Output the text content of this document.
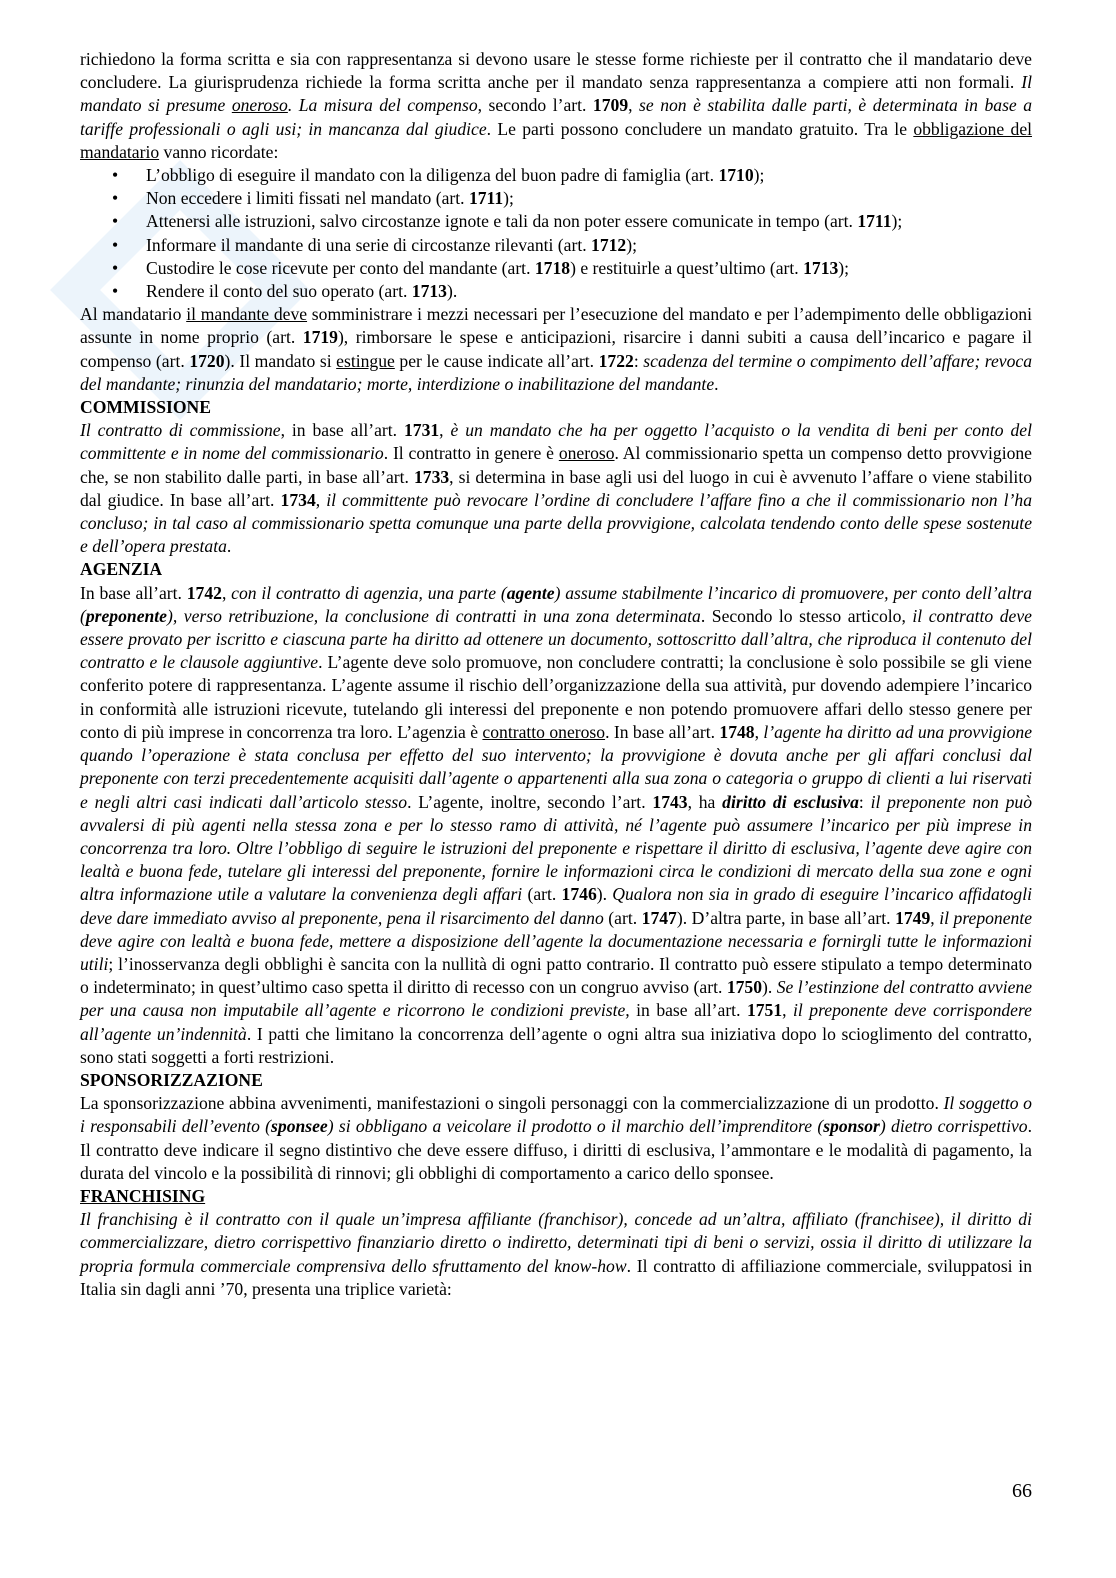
richiedono la forma scritta e sia con rappresentanza si devono usare le stesse forme richieste per il contratto che il mandatario deve concludere. La giurisprudenza richiede la forma scritta anche per il mandato senza rappresentanza a compiere atti non formali. Il mandato si presume oneroso. La misura del compenso, secondo l’art. 1709, se non è stabilita dalle parti, è determinata in base a tariffe professionali o agli usi; in mancanza dal giudice. Le parti possono concludere un mandato gratuito. Tra le obbligazione del mandatario vanno ricordate:

• L’obbligo di eseguire il mandato con la diligenza del buon padre di famiglia (art. 1710);
• Non eccedere i limiti fissati nel mandato (art. 1711);
• Attenersi alle istruzioni, salvo circostanze ignote e tali da non poter essere comunicate in tempo (art. 1711);
• Informare il mandante di una serie di circostanze rilevanti (art. 1712);
• Custodire le cose ricevute per conto del mandante (art. 1718) e restituirle a quest’ultimo (art. 1713);
• Rendere il conto del suo operato (art. 1713).

Al mandatario il mandante deve somministrare i mezzi necessari per l’esecuzione del mandato e per l’adempimento delle obbligazioni assunte in nome proprio (art. 1719), rimborsare le spese e anticipazioni, risarcire i danni subiti a causa dell’incarico e pagare il compenso (art. 1720). Il mandato si estingue per le cause indicate all’art. 1722: scadenza del termine o compimento dell’affare; revoca del mandante; rinunzia del mandatario; morte, interdizione o inabilitazione del mandante.

COMMISSIONE

Il contratto di commissione, in base all’art. 1731, è un mandato che ha per oggetto l’acquisto o la vendita di beni per conto del committente e in nome del commissionario. Il contratto in genere è oneroso. Al commissionario spetta un compenso detto provvigione che, se non stabilito dalle parti, in base all’art. 1733, si determina in base agli usi del luogo in cui è avvenuto l’affare o viene stabilito dal giudice. In base all’art. 1734, il committente può revocare l’ordine di concludere l’affare fino a che il commissionario non l’ha concluso; in tal caso al commissionario spetta comunque una parte della provvigione, calcolata tendendo conto delle spese sostenute e dell’opera prestata.

AGENZIA

In base all’art. 1742, con il contratto di agenzia, una parte (agente) assume stabilmente l’incarico di promuovere, per conto dell’altra (preponente), verso retribuzione, la conclusione di contratti in una zona determinata. Secondo lo stesso articolo, il contratto deve essere provato per iscritto e ciascuna parte ha diritto ad ottenere un documento, sottoscritto dall’altra, che riproduca il contenuto del contratto e le clausole aggiuntive. L’agente deve solo promuove, non concludere contratti; la conclusione è solo possibile se gli viene conferito potere di rappresentanza. L’agente assume il rischio dell’organizzazione della sua attività, pur dovendo adempiere l’incarico in conformità alle istruzioni ricevute, tutelando gli interessi del preponente e non potendo promuovere affari dello stesso genere per conto di più imprese in concorrenza tra loro. L’agenzia è contratto oneroso. In base all’art. 1748, l’agente ha diritto ad una provvigione quando l’operazione è stata conclusa per effetto del suo intervento; la provvigione è dovuta anche per gli affari conclusi dal preponente con terzi precedentemente acquisiti dall’agente o appartenenti alla sua zona o categoria o gruppo di clienti a lui riservati e negli altri casi indicati dall’articolo stesso. L’agente, inoltre, secondo l’art. 1743, ha diritto di esclusiva: il preponente non può avvalersi di più agenti nella stessa zona e per lo stesso ramo di attività, né l’agente può assumere l’incarico per più imprese in concorrenza tra loro. Oltre l’obbligo di seguire le istruzioni del preponente e rispettare il diritto di esclusiva, l’agente deve agire con lealtà e buona fede, tutelare gli interessi del preponente, fornire le informazioni circa le condizioni di mercato della sua zone e ogni altra informazione utile a valutare la convenienza degli affari (art. 1746). Qualora non sia in grado di eseguire l’incarico affidatogli deve dare immediato avviso al preponente, pena il risarcimento del danno (art. 1747). D’altra parte, in base all’art. 1749, il preponente deve agire con lealtà e buona fede, mettere a disposizione dell’agente la documentazione necessaria e fornirgli tutte le informazioni utili; l’inosservanza degli obblighi è sancita con la nullità di ogni patto contrario. Il contratto può essere stipulato a tempo determinato o indeterminato; in quest’ultimo caso spetta il diritto di recesso con un congruo avviso (art. 1750). Se l’estinzione del contratto avviene per una causa non imputabile all’agente e ricorrono le condizioni previste, in base all’art. 1751, il preponente deve corrispondere all’agente un’indennità. I patti che limitano la concorrenza dell’agente o ogni altra sua iniziativa dopo lo scioglimento del contratto, sono stati soggetti a forti restrizioni.

SPONSORIZZAZIONE

La sponsorizzazione abbina avvenimenti, manifestazioni o singoli personaggi con la commercializzazione di un prodotto. Il soggetto o i responsabili dell’evento (sponsee) si obbligano a veicolare il prodotto o il marchio dell’imprenditore (sponsor) dietro corrispettivo. Il contratto deve indicare il segno distintivo che deve essere diffuso, i diritti di esclusiva, l’ammontare e le modalità di pagamento, la durata del vincolo e la possibilità di rinnovi; gli obblighi di comportamento a carico dello sponsee.

FRANCHISING

Il franchising è il contratto con il quale un’impresa affiliante (franchisor), concede ad un’altra, affiliato (franchisee), il diritto di commercializzare, dietro corrispettivo finanziario diretto o indiretto, determinati tipi di beni o servizi, ossia il diritto di utilizzare la propria formula commerciale comprensiva dello sfruttamento del know-how. Il contratto di affiliazione commerciale, sviluppatosi in Italia sin dagli anni ’70, presenta una triplice varietà:

66
